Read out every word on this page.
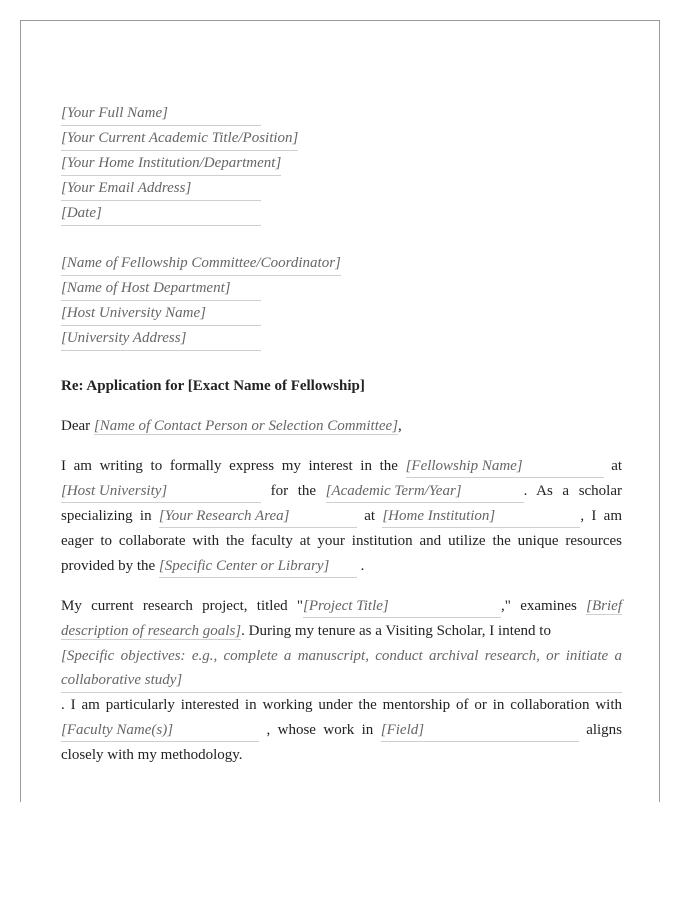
[Your Full Name]
[Your Current Academic Title/Position]
[Your Home Institution/Department]
[Your Email Address]
[Date]
[Name of Fellowship Committee/Coordinator]
[Name of Host Department]
[Host University Name]
[University Address]

Re: Application for [Exact Name of Fellowship]

Dear [Name of Contact Person or Selection Committee],

I am writing to formally express my interest in the [Fellowship Name]	at [Host University]	for the [Academic Term/Year]	. As a scholar specializing in [Your Research Area]	at [Home Institution]	, I am eager to collaborate with the faculty at your institution and utilize the unique resources provided by the [Specific Center or Library] .

My current research project, titled "[Project Title]	," examines [Brief description of research goals]. During my tenure as a Visiting Scholar, I intend to
[Specific objectives: e.g., complete a manuscript, conduct archival research, or initiate a collaborative study]
. I am particularly interested in working under the mentorship of or in collaboration with [Faculty Name(s)]	, whose work in [Field]	aligns closely with my methodology.
